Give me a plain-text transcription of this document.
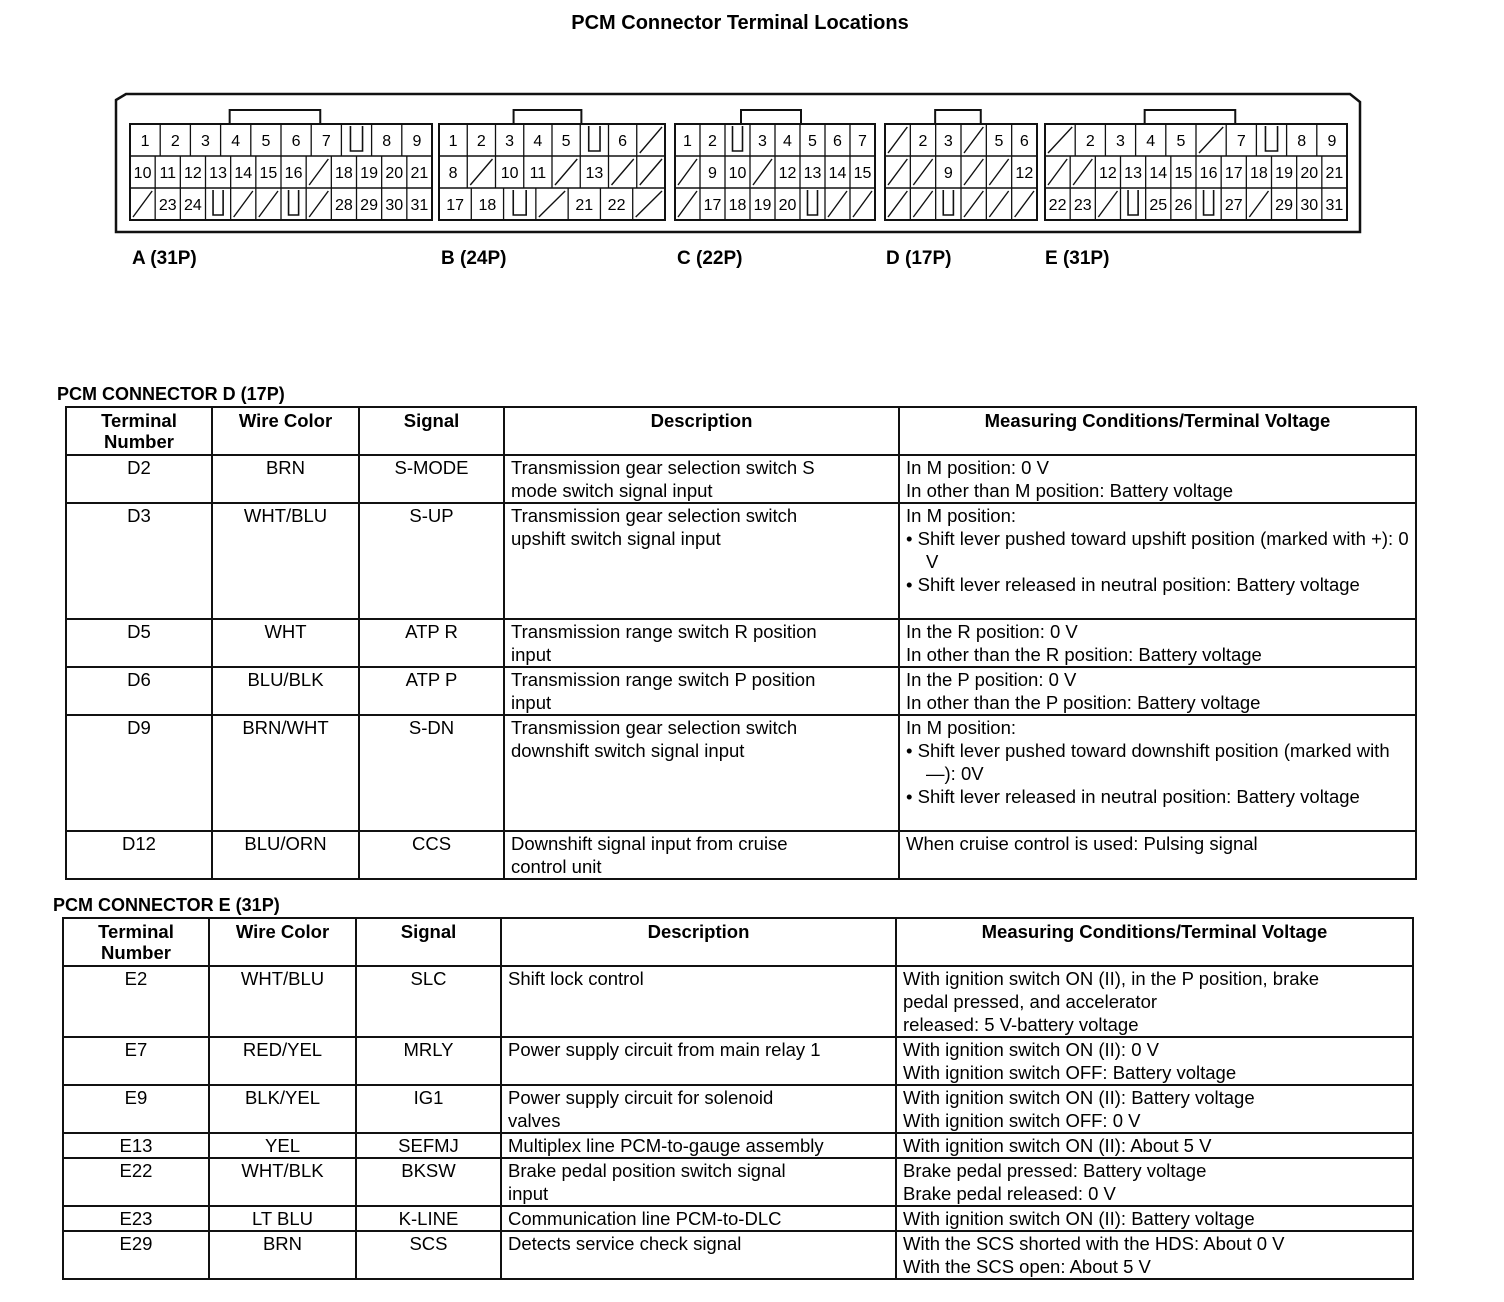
PCM Connector Terminal Locations
1 2 3 4 5 6 7	8 9
10 11 12 13 14 15 16 18 19 20 21
23 24	28 29 30 31
1 2 3 4 5	6
8	10 11 13
17 18	21 22
1 2	3 4 5 6 7
9 10 12 13 14 15
17 18 19 20
2 3	5 6
9	12
2 3 4 5	7	8 9
12 13 14 15 16 17 18 19 20 21
22 23	25 26 27 29 30 31
A (31P)	B (24P)	C (22P)	D (17P)	E (31P)
PCM CONNECTOR D (17P)
Terminal Number	Wire Color	Signal	Description	Measuring Conditions/Terminal Voltage
D2	BRN	S-MODE	Transmission gear selection switch S
mode switch signal input	In M position: 0 V
In other than M position: Battery voltage

D3	WHT/BLU	S-UP	Transmission gear selection switch
upshift switch signal input	In M position:
• Shift lever pushed toward upshift position (marked with +): 0 V
• Shift lever released in neutral position: Battery voltage

D5	WHT	ATP R	Transmission range switch R position
input	In the R position: 0 V
In other than the R position: Battery voltage

D6	BLU/BLK	ATP P	Transmission range switch P position
input	In the P position: 0 V
In other than the P position: Battery voltage

D9	BRN/WHT	S-DN	Transmission gear selection switch
downshift switch signal input	In M position:
• Shift lever pushed toward downshift position (marked with —): 0V
• Shift lever released in neutral position: Battery voltage

D12	BLU/ORN	CCS	Downshift signal input from cruise
control unit	When cruise control is used: Pulsing signal
PCM CONNECTOR E (31P)
Terminal Number	Wire Color	Signal	Description	Measuring Conditions/Terminal Voltage
E2	WHT/BLU	SLC	Shift lock control	With ignition switch ON (II), in the P position, brake
pedal pressed, and accelerator
released: 5 V-battery voltage

E7	RED/YEL	MRLY	Power supply circuit from main relay 1	With ignition switch ON (II): 0 V
With ignition switch OFF: Battery voltage

E9	BLK/YEL	IG1	Power supply circuit for solenoid
valves	With ignition switch ON (II): Battery voltage
With ignition switch OFF: 0 V

E13	YEL	SEFMJ	Multiplex line PCM-to-gauge assembly	With ignition switch ON (II): About 5 V

E22	WHT/BLK	BKSW	Brake pedal position switch signal
input	Brake pedal pressed: Battery voltage
Brake pedal released: 0 V

E23	LT BLU	K-LINE	Communication line PCM-to-DLC	With ignition switch ON (II): Battery voltage

E29	BRN	SCS	Detects service check signal	With the SCS shorted with the HDS: About 0 V
With the SCS open: About 5 V
